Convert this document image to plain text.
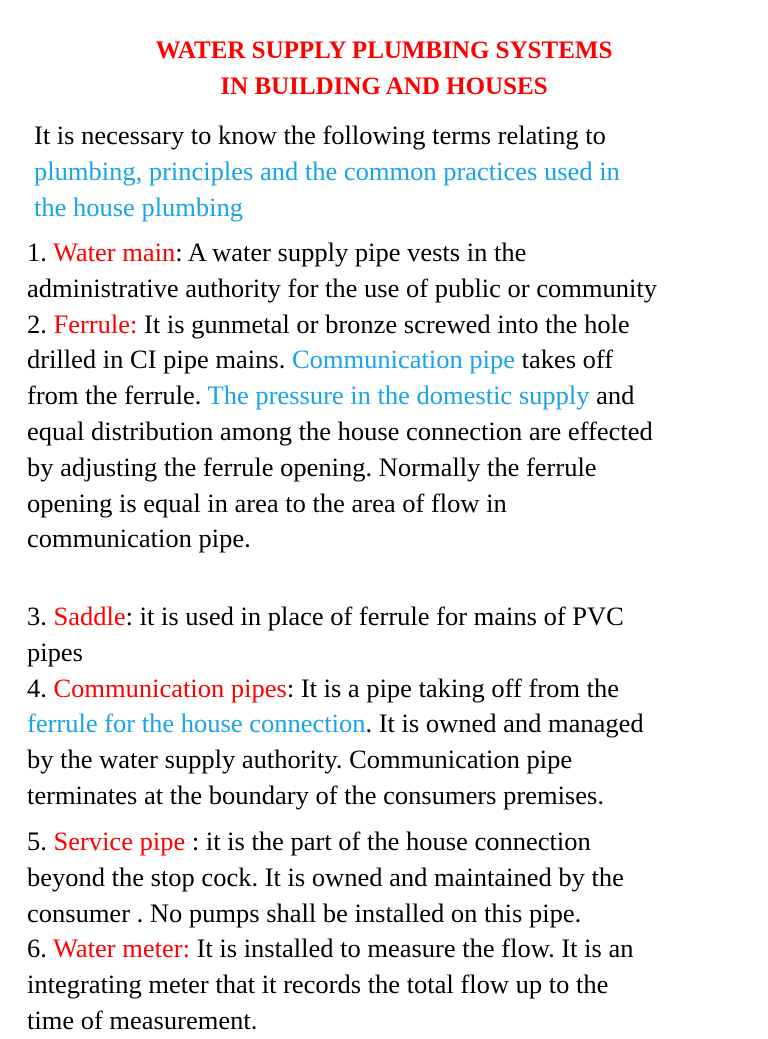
WATER SUPPLY PLUMBING SYSTEMS
IN BUILDING AND HOUSES
It is necessary to know the following terms relating to
plumbing, principles and the common practices used in
the house plumbing
1. Water main: A water supply pipe vests in the
administrative authority for the use of public or community
2. Ferrule: It is gunmetal or bronze screwed into the hole
drilled in CI pipe mains. Communication pipe takes off
from the ferrule. The pressure in the domestic supply and
equal distribution among the house connection are effected
by adjusting the ferrule opening. Normally the ferrule
opening is equal in area to the area of flow in
communication pipe.
3. Saddle: it is used in place of ferrule for mains of PVC
pipes
4. Communication pipes: It is a pipe taking off from the
ferrule for the house connection. It is owned and managed
by the water supply authority. Communication pipe
terminates at the boundary of the consumers premises.
5. Service pipe : it is the part of the house connection
beyond the stop cock. It is owned and maintained by the
consumer . No pumps shall be installed on this pipe.
6. Water meter: It is installed to measure the flow. It is an
integrating meter that it records the total flow up to the
time of measurement.
